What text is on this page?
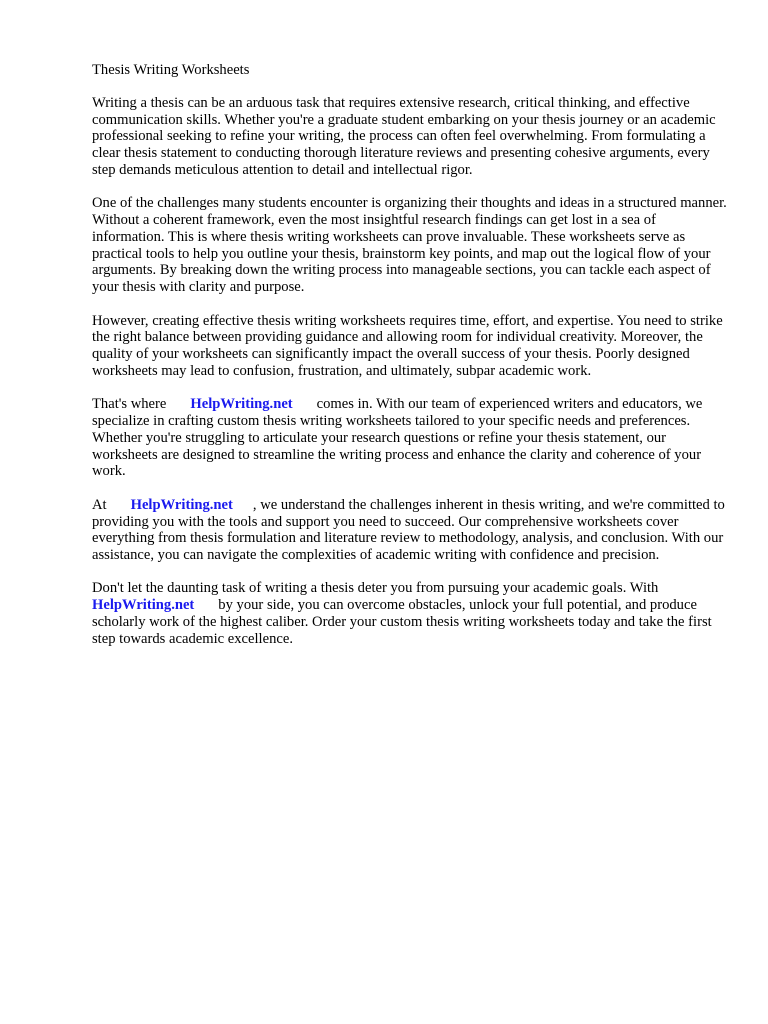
Thesis Writing Worksheets

Writing a thesis can be an arduous task that requires extensive research, critical thinking, and effective communication skills. Whether you're a graduate student embarking on your thesis journey or an academic professional seeking to refine your writing, the process can often feel overwhelming. From formulating a clear thesis statement to conducting thorough literature reviews and presenting cohesive arguments, every step demands meticulous attention to detail and intellectual rigor.

One of the challenges many students encounter is organizing their thoughts and ideas in a structured manner. Without a coherent framework, even the most insightful research findings can get lost in a sea of information. This is where thesis writing worksheets can prove invaluable. These worksheets serve as practical tools to help you outline your thesis, brainstorm key points, and map out the logical flow of your arguments. By breaking down the writing process into manageable sections, you can tackle each aspect of your thesis with clarity and purpose.

However, creating effective thesis writing worksheets requires time, effort, and expertise. You need to strike the right balance between providing guidance and allowing room for individual creativity. Moreover, the quality of your worksheets can significantly impact the overall success of your thesis. Poorly designed worksheets may lead to confusion, frustration, and ultimately, subpar academic work.

That's where HelpWriting.net comes in. With our team of experienced writers and educators, we specialize in crafting custom thesis writing worksheets tailored to your specific needs and preferences. Whether you're struggling to articulate your research questions or refine your thesis statement, our worksheets are designed to streamline the writing process and enhance the clarity and coherence of your work.

At HelpWriting.net , we understand the challenges inherent in thesis writing, and we're committed to providing you with the tools and support you need to succeed. Our comprehensive worksheets cover everything from thesis formulation and literature review to methodology, analysis, and conclusion. With our assistance, you can navigate the complexities of academic writing with confidence and precision.

Don't let the daunting task of writing a thesis deter you from pursuing your academic goals. With HelpWriting.net by your side, you can overcome obstacles, unlock your full potential, and produce scholarly work of the highest caliber. Order your custom thesis writing worksheets today and take the first step towards academic excellence.
